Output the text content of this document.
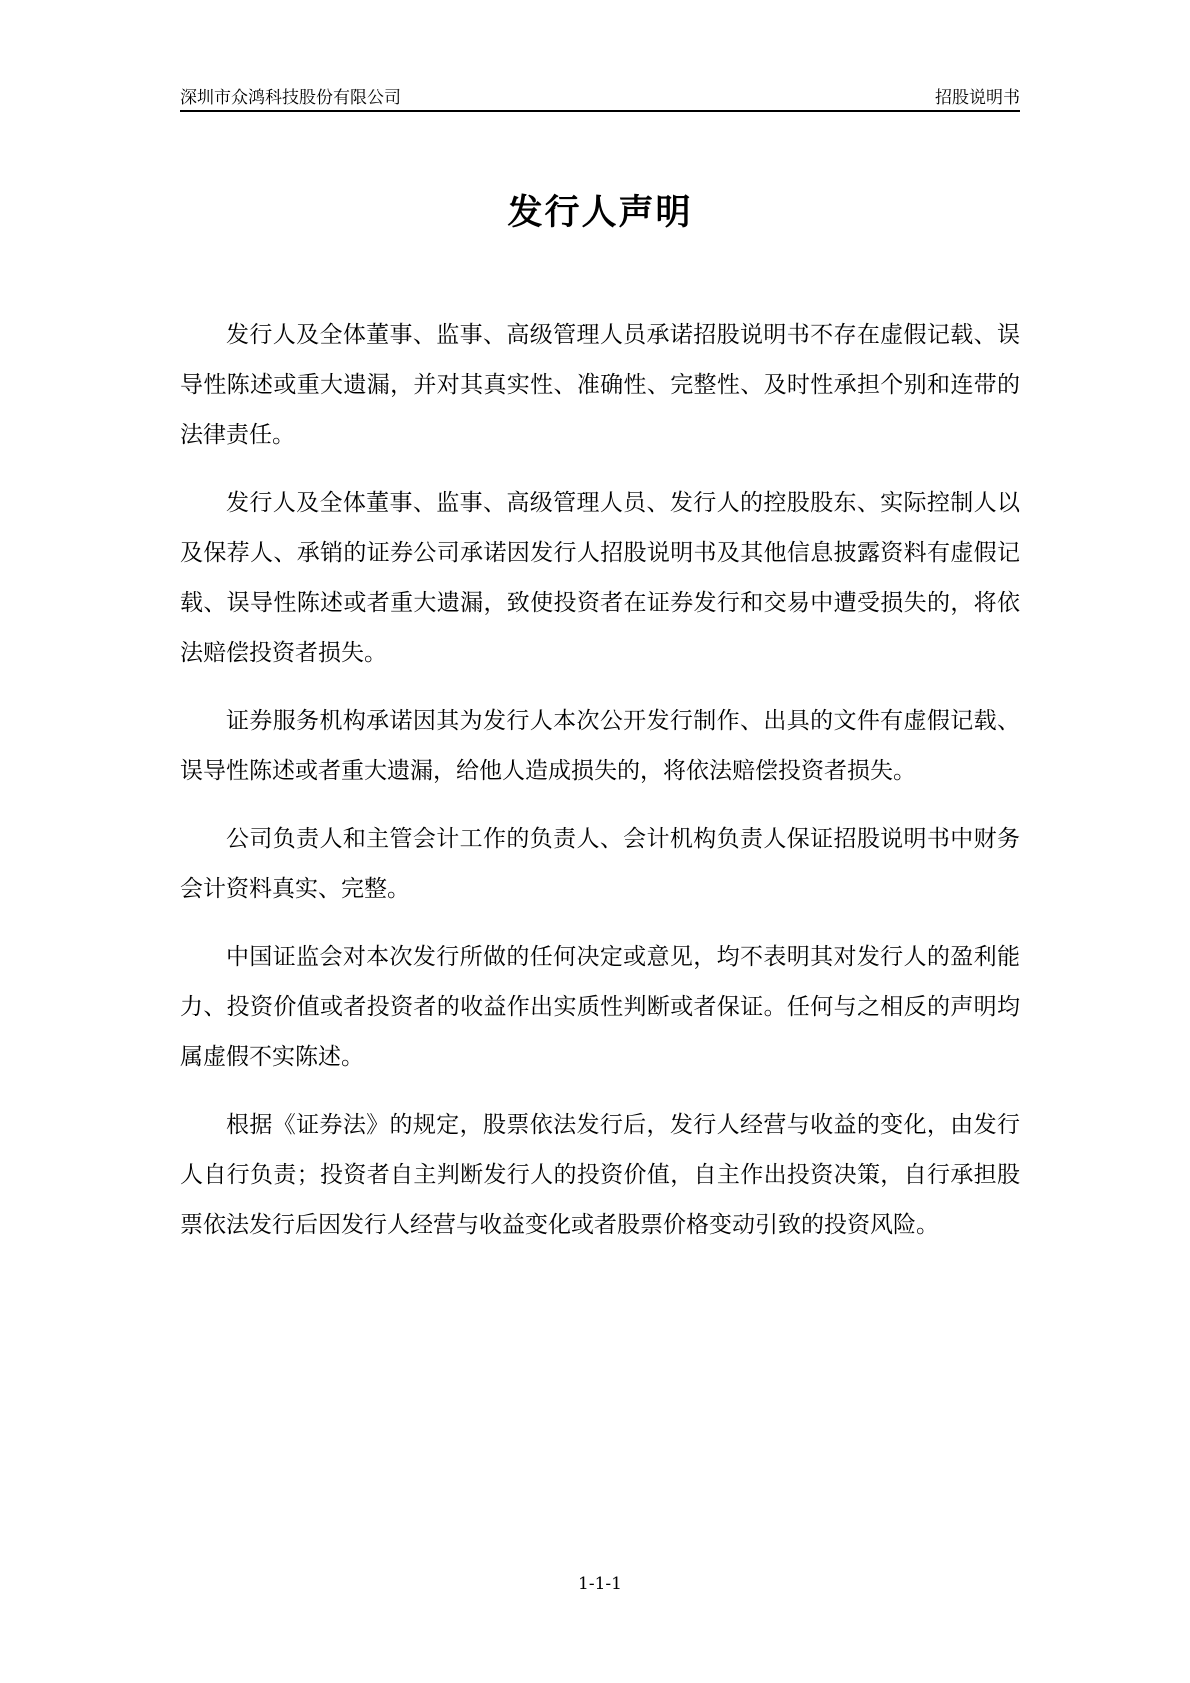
深圳市众鸿科技股份有限公司	招股说明书
发行人声明

发行人及全体董事、监事、高级管理人员承诺招股说明书不存在虚假记载、误导性陈述或重大遗漏，并对其真实性、准确性、完整性、及时性承担个别和连带的法律责任。

发行人及全体董事、监事、高级管理人员、发行人的控股股东、实际控制人以及保荐人、承销的证券公司承诺因发行人招股说明书及其他信息披露资料有虚假记载、误导性陈述或者重大遗漏，致使投资者在证券发行和交易中遭受损失的，将依法赔偿投资者损失。

证券服务机构承诺因其为发行人本次公开发行制作、出具的文件有虚假记载、误导性陈述或者重大遗漏，给他人造成损失的，将依法赔偿投资者损失。

公司负责人和主管会计工作的负责人、会计机构负责人保证招股说明书中财务会计资料真实、完整。

中国证监会对本次发行所做的任何决定或意见，均不表明其对发行人的盈利能力、投资价值或者投资者的收益作出实质性判断或者保证。任何与之相反的声明均属虚假不实陈述。

根据《证券法》的规定，股票依法发行后，发行人经营与收益的变化，由发行人自行负责；投资者自主判断发行人的投资价值，自主作出投资决策，自行承担股票依法发行后因发行人经营与收益变化或者股票价格变动引致的投资风险。

1-1-1
